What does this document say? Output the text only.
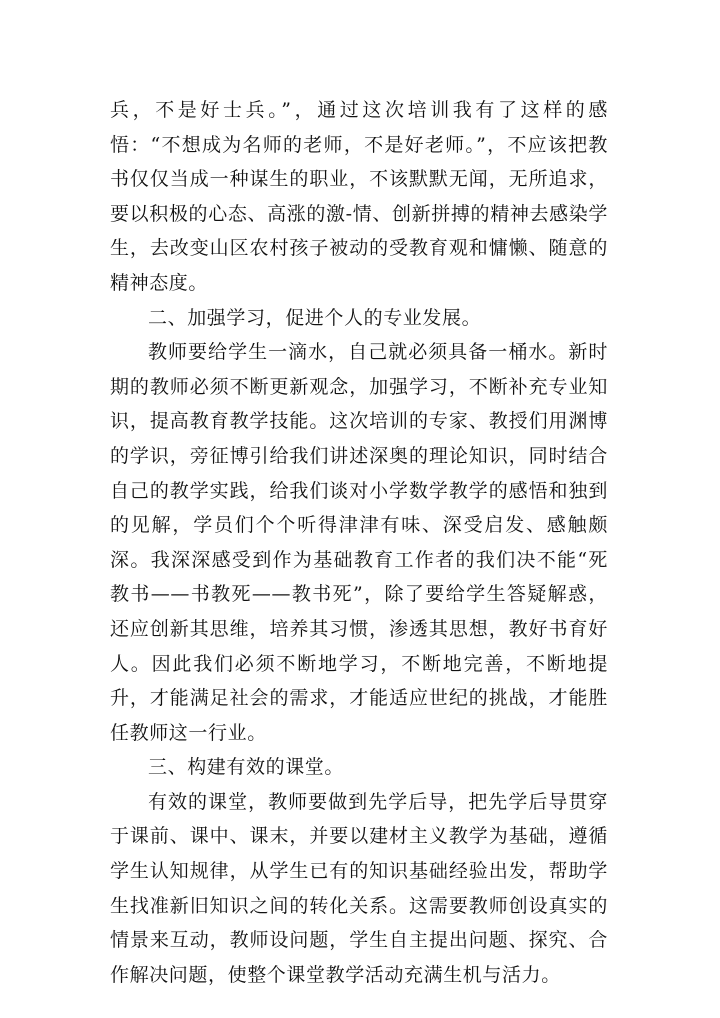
兵，不是好士兵。”，通过这次培训我有了这样的感悟：“不想成为名师的老师，不是好老师。”，不应该把教书仅仅当成一种谋生的职业，不该默默无闻，无所追求，要以积极的心态、高涨的激-情、创新拼搏的精神去感染学生，去改变山区农村孩子被动的受教育观和慵懒、随意的精神态度。

二、加强学习，促进个人的专业发展。

教师要给学生一滴水，自己就必须具备一桶水。新时期的教师必须不断更新观念，加强学习，不断补充专业知识，提高教育教学技能。这次培训的专家、教授们用渊博的学识，旁征博引给我们讲述深奥的理论知识，同时结合自己的教学实践，给我们谈对小学数学教学的感悟和独到的见解，学员们个个听得津津有味、深受启发、感触颇深。我深深感受到作为基础教育工作者的我们决不能“死教书——书教死——教书死”，除了要给学生答疑解惑，还应创新其思维，培养其习惯，渗透其思想，教好书育好人。因此我们必须不断地学习，不断地完善，不断地提升，才能满足社会的需求，才能适应世纪的挑战，才能胜任教师这一行业。

三、构建有效的课堂。

有效的课堂，教师要做到先学后导，把先学后导贯穿于课前、课中、课末，并要以建材主义教学为基础，遵循学生认知规律，从学生已有的知识基础经验出发，帮助学生找准新旧知识之间的转化关系。这需要教师创设真实的情景来互动，教师设问题，学生自主提出问题、探究、合作解决问题，使整个课堂教学活动充满生机与活力。
